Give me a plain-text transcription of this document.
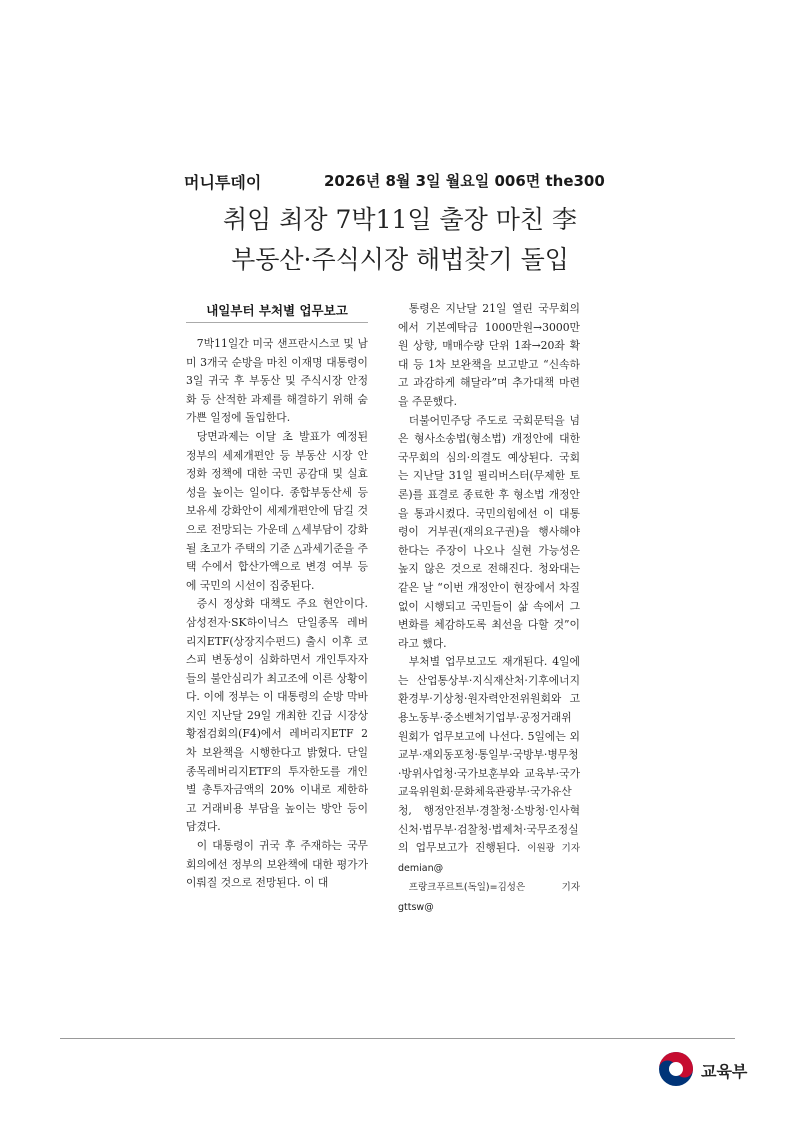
머니투데이	2026년 8월 3일 월요일 006면 the300
취임 최장 7박11일 출장 마친 李
부동산·주식시장 해법찾기 돌입
내일부터 부처별 업무보고

7박11일간 미국 샌프란시스코 및 남미 3개국 순방을 마친 이재명 대통령이 3일 귀국 후 부동산 및 주식시장 안정화 등 산적한 과제를 해결하기 위해 숨 가쁜 일정에 돌입한다.

당면과제는 이달 초 발표가 예정된 정부의 세제개편안 등 부동산 시장 안정화 정책에 대한 국민 공감대 및 실효성을 높이는 일이다. 종합부동산세 등 보유세 강화안이 세제개편안에 담길 것으로 전망되는 가운데 △세부담이 강화될 초고가 주택의 기준 △과세기준을 주택 수에서 합산가액으로 변경 여부 등에 국민의 시선이 집중된다.

증시 정상화 대책도 주요 현안이다. 삼성전자·SK하이닉스 단일종목 레버리지ETF(상장지수펀드) 출시 이후 코스피 변동성이 심화하면서 개인투자자들의 불안심리가 최고조에 이른 상황이다. 이에 정부는 이 대통령의 순방 막바지인 지난달 29일 개최한 긴급 시장상황점검회의(F4)에서 레버리지ETF 2차 보완책을 시행한다고 밝혔다. 단일종목레버리지ETF의 투자한도를 개인별 총투자금액의 20% 이내로 제한하고 거래비용 부담을 높이는 방안 등이 담겼다.

이 대통령이 귀국 후 주재하는 국무회의에선 정부의 보완책에 대한 평가가 이뤄질 것으로 전망된다. 이 대

통령은 지난달 21일 열린 국무회의에서 기본예탁금 1000만원→3000만원 상향, 매매수량 단위 1좌→20좌 확대 등 1차 보완책을 보고받고 “신속하고 과감하게 해달라”며 추가대책 마련을 주문했다.

더불어민주당 주도로 국회문턱을 넘은 형사소송법(형소법) 개정안에 대한 국무회의 심의·의결도 예상된다. 국회는 지난달 31일 필리버스터(무제한 토론)를 표결로 종료한 후 형소법 개정안을 통과시켰다. 국민의힘에선 이 대통령이 거부권(재의요구권)을 행사해야 한다는 주장이 나오나 실현 가능성은 높지 않은 것으로 전해진다. 청와대는 같은 날 “이번 개정안이 현장에서 차질 없이 시행되고 국민들이 삶 속에서 그 변화를 체감하도록 최선을 다할 것”이라고 했다.

부처별 업무보고도 재개된다. 4일에는 산업통상부·지식재산처·기후에너지환경부·기상청·원자력안전위원회와 고용노동부·중소벤처기업부·공정거래위원회가 업무보고에 나선다. 5일에는 외교부·재외동포청·통일부·국방부·병무청·방위사업청·국가보훈부와 교육부·국가교육위원회·문화체육관광부·국가유산청, 행정안전부·경찰청·소방청·인사혁신처·법무부·검찰청·법제처·국무조정실의 업무보고가 진행된다. 이원광 기자 demian@

프랑크푸르트(독일)=김성은 기자 gttsw@

교육부
